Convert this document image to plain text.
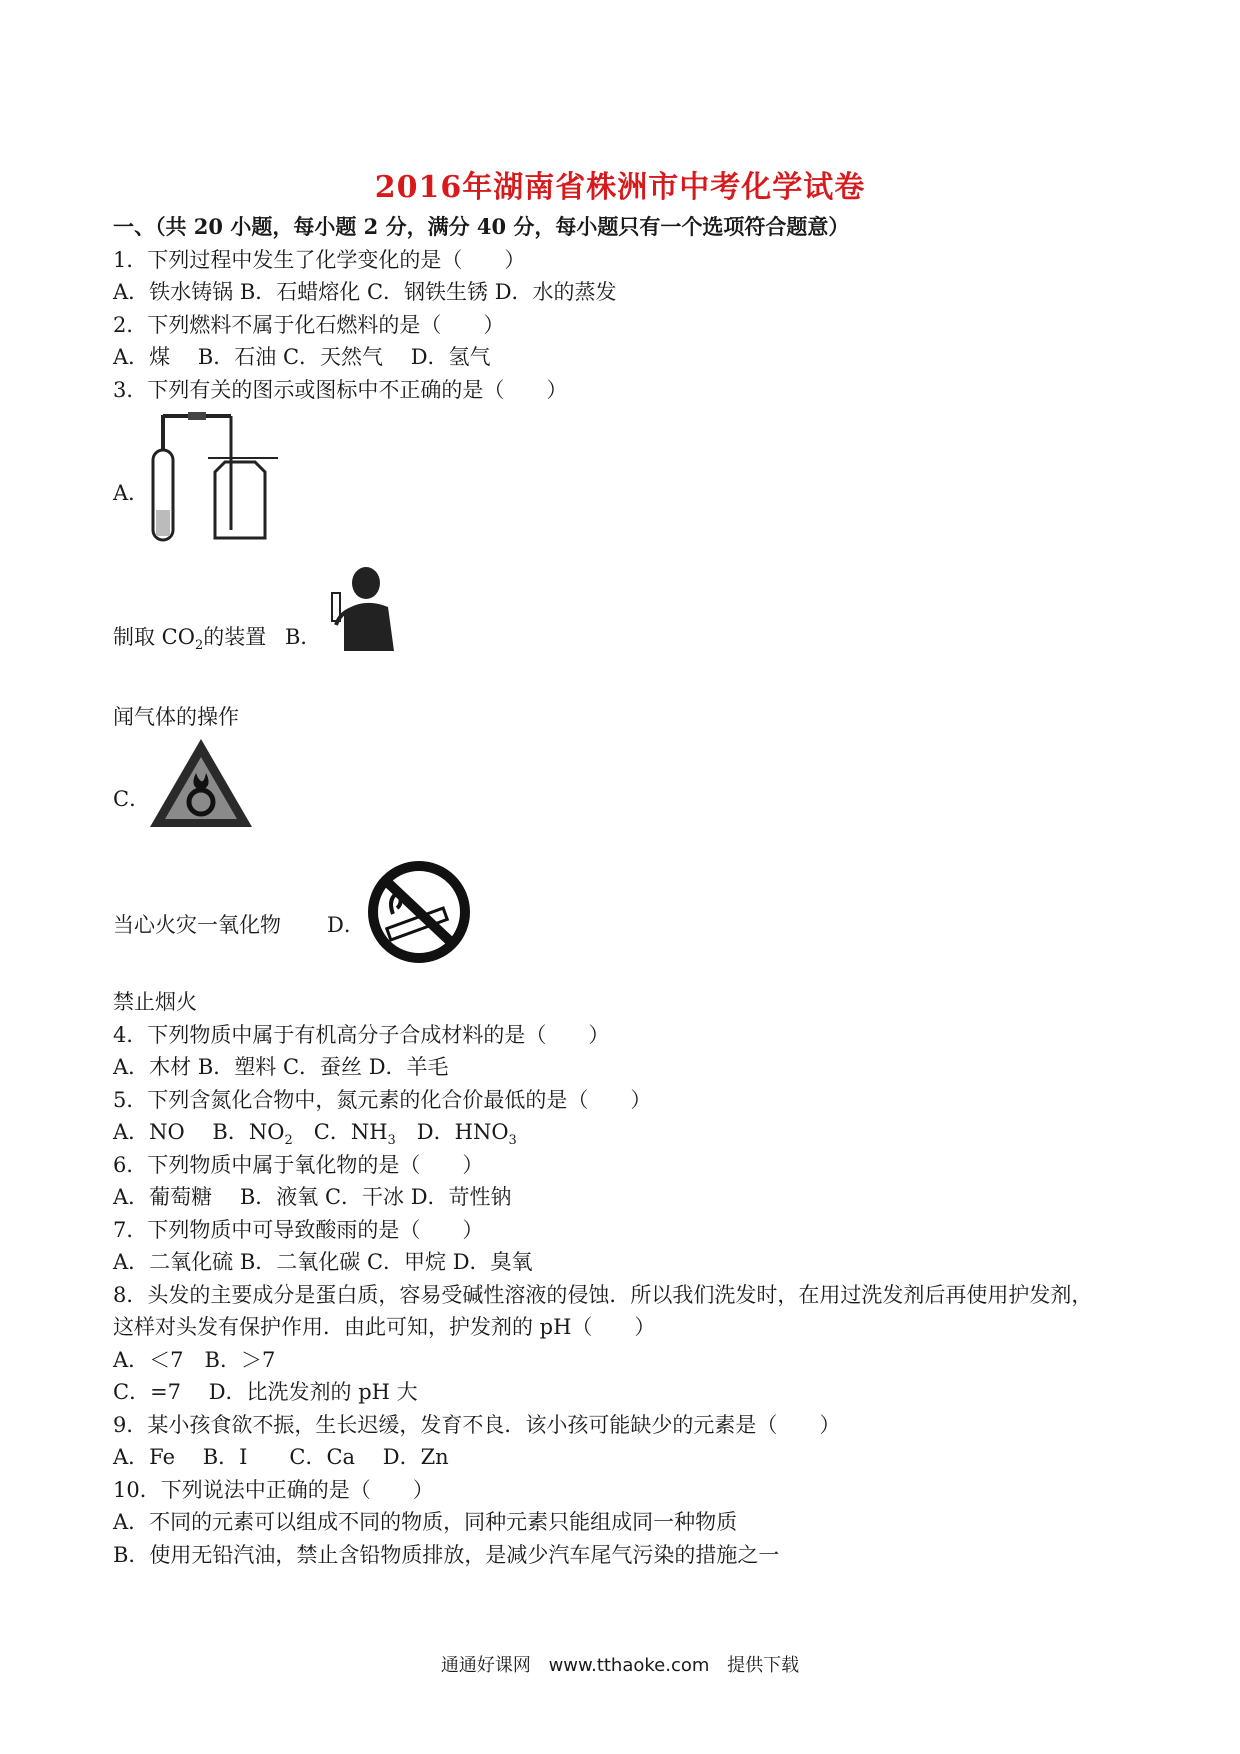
2016年湖南省株洲市中考化学试卷
一、（共 20 小题，每小题 2 分，满分 40 分，每小题只有一个选项符合题意）
1．下列过程中发生了化学变化的是（　　）
A．铁水铸锅 B．石蜡熔化 C．钢铁生锈 D．水的蒸发
2．下列燃料不属于化石燃料的是（　　）
A．煤　 B．石油 C．天然气　 D．氢气
3．下列有关的图示或图标中不正确的是（　　）
A．
制取 $CO_2$的装置 B．
闻气体的操作
C．
当心火灾一氧化物 D．
禁止烟火
4．下列物质中属于有机高分子合成材料的是（　　）
A．木材 B．塑料 C．蚕丝 D．羊毛
5．下列含氮化合物中，氮元素的化合价最低的是（　　）
A．NO　 B．$NO_2$　C．$NH_3$　D．$HNO_3$
6．下列物质中属于氧化物的是（　　）
A．葡萄糖　 B．液氧 C．干冰 D．苛性钠
7．下列物质中可导致酸雨的是（　　）
A．二氧化硫 B．二氧化碳 C．甲烷 D．臭氧
8．头发的主要成分是蛋白质，容易受碱性溶液的侵蚀．所以我们洗发时，在用过洗发剂后再使用护发剂，
这样对头发有保护作用．由此可知，护发剂的 pH（　　）
A．＜7　B．＞7
C．=7　 D．比洗发剂的 pH 大
9．某小孩食欲不振，生长迟缓，发育不良．该小孩可能缺少的元素是（　　）
A．Fe　 B．I　　C．Ca　 D．Zn
10．下列说法中正确的是（　　）
A．不同的元素可以组成不同的物质，同种元素只能组成同一种物质
B．使用无铅汽油，禁止含铅物质排放，是减少汽车尾气污染的措施之一
通通好课网 www.tthaoke.com 提供下载
